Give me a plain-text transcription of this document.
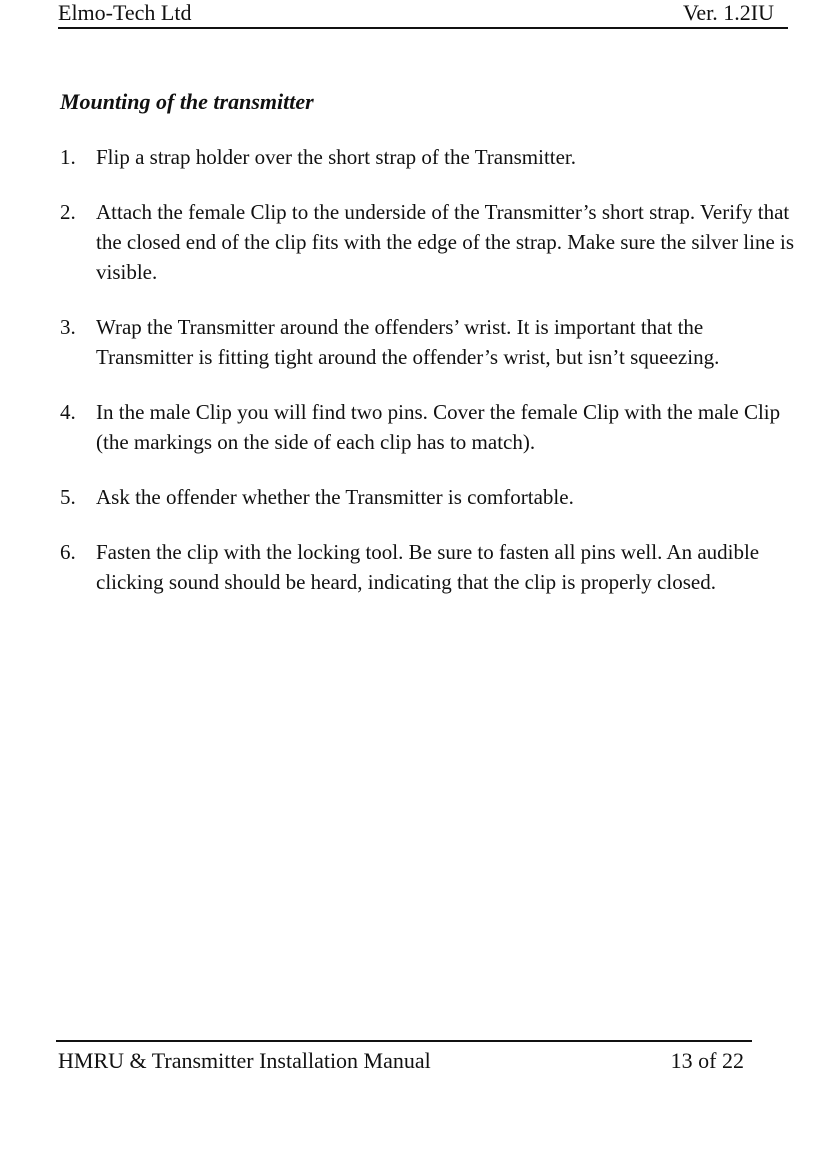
Elmo-Tech Ltd	Ver. 1.2IU
Mounting of the transmitter
1. Flip a strap holder over the short strap of the Transmitter.
2. Attach the female Clip to the underside of the Transmitter’s short strap. Verify that the closed end of the clip fits with the edge of the strap. Make sure the silver line is visible.
3. Wrap the Transmitter around the offenders’ wrist. It is important that the Transmitter is fitting tight around the offender’s wrist, but isn’t squeezing.
4. In the male Clip you will find two pins. Cover the female Clip with the male Clip (the markings on the side of each clip has to match).
5. Ask the offender whether the Transmitter is comfortable.
6. Fasten the clip with the locking tool. Be sure to fasten all pins well. An audible clicking sound should be heard, indicating that the clip is properly closed.
HMRU & Transmitter Installation Manual	13 of 22
